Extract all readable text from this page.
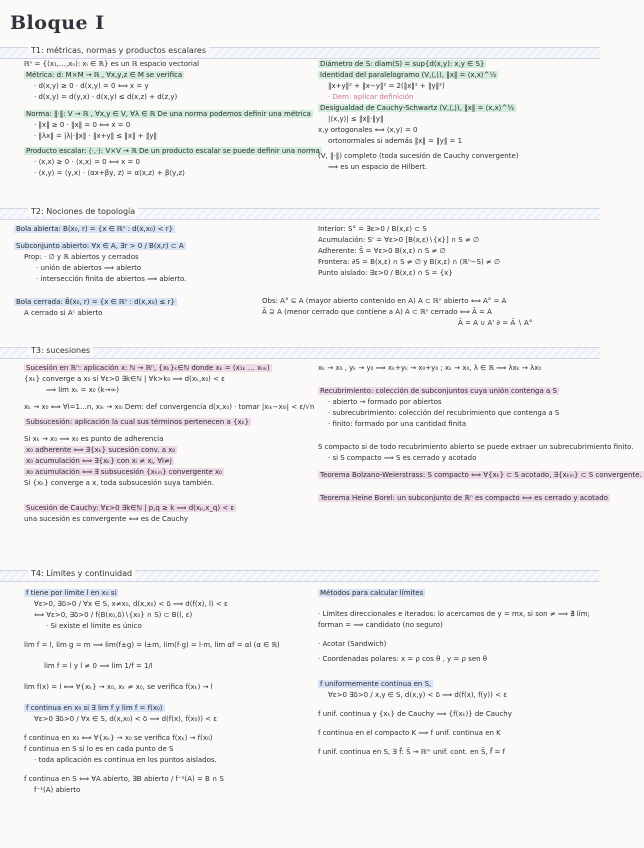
Bloque I
T1: métricas, normas y productos escalares
ℝⁿ = {(x₁,…,xₙ): xᵢ ∈ ℝ} es un ℝ espacio vectorial
Métrica: d: M×M → ℝ , ∀x,y,z ∈ M se verifica
· d(x,y) ≥ 0 · d(x,y) = 0 ⟺ x = y
· d(x,y) = d(y,x) · d(x,y) ≤ d(x,z) + d(z,y)
Norma: ‖·‖: V → ℝ , ∀x,y ∈ V, ∀λ ∈ ℝ De una norma podemos definir una métrica
· ‖x‖ ≥ 0 · ‖x‖ = 0 ⟺ x = 0
· ‖λx‖ = |λ|·‖x‖ · ‖x+y‖ ≤ ‖x‖ + ‖y‖
Producto escalar: ⟨·,·⟩: V×V → ℝ De un producto escalar se puede definir una norma
· ⟨x,x⟩ ≥ 0 · ⟨x,x⟩ = 0 ⟺ x = 0
· ⟨x,y⟩ = ⟨y,x⟩ · ⟨αx+βy, z⟩ = α⟨x,z⟩ + β⟨y,z⟩
Diámetro de S: diam(S) = sup{d(x,y): x,y ∈ S}
Identidad del paralelogramo (V,⟨,⟩), ‖x‖ = ⟨x,x⟩^½
‖x+y‖² + ‖x−y‖² = 2(‖x‖² + ‖y‖²)
· Dem: aplicar definición
Desigualdad de Cauchy-Schwartz (V,⟨,⟩), ‖x‖ = ⟨x,x⟩^½
|⟨x,y⟩| ≤ ‖x‖·‖y‖
x,y ortogonales ⟺ ⟨x,y⟩ = 0
ortonormales si además ‖x‖ = ‖y‖ = 1
(V, ‖·‖) completo (toda sucesión de Cauchy convergente)
⟹ es un espacio de Hilbert.
T2: Nociones de topología
Bola abierta: B(x₀, r) = {x ∈ ℝⁿ : d(x,x₀) < r}
Subconjunto abierto: ∀x ∈ A, ∃r > 0 / B(x,r) ⊂ A
Prop: · ∅ y ℝ abiertos y cerrados
· unión de abiertos ⟹ abierto
· intersección finita de abiertos ⟹ abierto.
Bola cerrada: B̄(x₀, r) = {x ∈ ℝⁿ : d(x,x₀) ≤ r}
A cerrado si Aᶜ abierto
Interior: S° = ∃ε>0 / B(x,ε) ⊂ S
Acumulación: S' = ∀ε>0 [B(x,ε)∖{x}] ∩ S ≠ ∅
Adherente: S̄ = ∀ε>0 B(x,ε) ∩ S ≠ ∅
Frontera: ∂S = B(x,ε) ∩ S ≠ ∅ y B(x,ε) ∩ (ℝⁿ−S) ≠ ∅
Punto aislado: ∃ε>0 / B(x,ε) ∩ S = {x}
Obs: A° ⊆ A (mayor abierto contenido en A) A ⊂ ℝⁿ abierto ⟺ A° = A
Ā ⊇ A (menor cerrado que contiene a A) A ⊂ ℝⁿ cerrado ⟺ Ā = A
Ā = A ∪ A' ∂ = Ā ∖ A°
T3: sucesiones
Sucesión en ℝⁿ: aplicación x: ℕ → ℝⁿ, {xₖ}ₖ∈ℕ donde xₖ = (x₁ₖ … xₙₖ)
{xₖ} converge a x₀ si ∀ε>0 ∃k∈ℕ | ∀k>k₀ ⟹ d(xₖ,x₀) < ε
⟹ lim xₖ = x₀ (k→∞)
xₖ → x₀ ⟺ ∀i=1…n, xᵢₖ → x₀ᵢ Dem: def convergencia d(x,x₀) · tomar |xᵢₖ−x₀ᵢ| < ε/√n
Subsucesión: aplicación la cual sus términos pertenecen a {xₖ}
Si xₖ → x₀ ⟹ x₀ es punto de adherencia
x₀ adherente ⟺ ∃{xₖ} sucesión conv. a x₀
x₀ acumulación ⟺ ∃{xₖ} con xᵢ ≠ xⱼ, ∀i≠j
x₀ acumulación ⟺ ∃ subsucesión {xₖₘ} convergente x₀
Si {xₖ} converge a x, toda subsucesión suya también.
Sucesión de Cauchy: ∀ε>0 ∃k∈ℕ | p,q ≥ k ⟹ d(xₚ,x_q) < ε
una sucesión es convergente ⟺ es de Cauchy
xₖ → x₀ , yₖ → y₀ ⟹ xₖ+yₖ → x₀+y₀ ; xₖ → x₀, λ ∈ ℝ ⟹ λxₖ → λx₀
Recubrimiento: colección de subconjuntos cuya unión contenga a S
· abierto → formado por abiertos
· subrecubrimiento: colección del recubrimiento que contenga a S
· finito: formado por una cantidad finita
S compacto si de todo recubrimiento abierto se puede extraer un subrecubrimiento finito.
· si S compacto ⟹ S es cerrado y acotado
Teorema Bolzano-Weierstrass: S compacto ⟺ ∀{xₖ} ⊂ S acotado, ∃{xₖₘ} ⊂ S convergente.
Teorema Heine Borel: un subconjunto de ℝⁿ es compacto ⟺ es cerrado y acotado
T4: Límites y continuidad
f tiene por límite l en x₀ si
∀ε>0, ∃δ>0 / ∀x ∈ S, x≠x₀, d(x,x₀) < δ ⟹ d(f(x), l) < ε
⟺ ∀ε>0, ∃δ>0 / f(B(x₀,δ)∖{x₀} ∩ S) ⊂ B(l, ε)
· Si existe el límite es único
lim f = l, lim g = m ⟹ lim(f±g) = l±m, lim(f·g) = l·m, lim αf = αl (α ∈ ℝ)
lim f = l y l ≠ 0 ⟹ lim 1/f = 1/l
lim f(x) = l ⟺ ∀{xₖ} → x₀, xₖ ≠ x₀, se verifica f(xₖ) → l
f continua en x₀ si ∃ lim f y lim f = f(x₀)
∀ε>0 ∃δ>0 / ∀x ∈ S, d(x,x₀) < δ ⟹ d(f(x), f(x₀)) < ε
f continua en x₀ ⟺ ∀{xₖ} → x₀ se verifica f(xₖ) → f(x₀)
f continua en S si lo es en cada punto de S
· toda aplicación es continua en los puntos aislados.
f continua en S ⟺ ∀A abierto, ∃B abierto / f⁻¹(A) = B ∩ S
f⁻¹(A) abierto
Métodos para calcular límites
· Límites direccionales e iterados: lo acercamos de y = mx, si son ≠ ⟹ ∄ lím; forman = ⟹ candidato (no seguro)
· Acotar (Sandwich)
· Coordenadas polares: x = ρ cos θ , y = ρ sen θ
f uniformemente continua en S,
∀ε>0 ∃δ>0 / x,y ∈ S, d(x,y) < δ ⟹ d(f(x), f(y)) < ε
f unif. continua y {xₖ} de Cauchy ⟹ {f(xₖ)} de Cauchy
f continua en el compacto K ⟹ f unif. continua en K
f unif. continua en S, ∃ f̃: S̄ → ℝᵐ unif. cont. en S̄, f̃ = f
